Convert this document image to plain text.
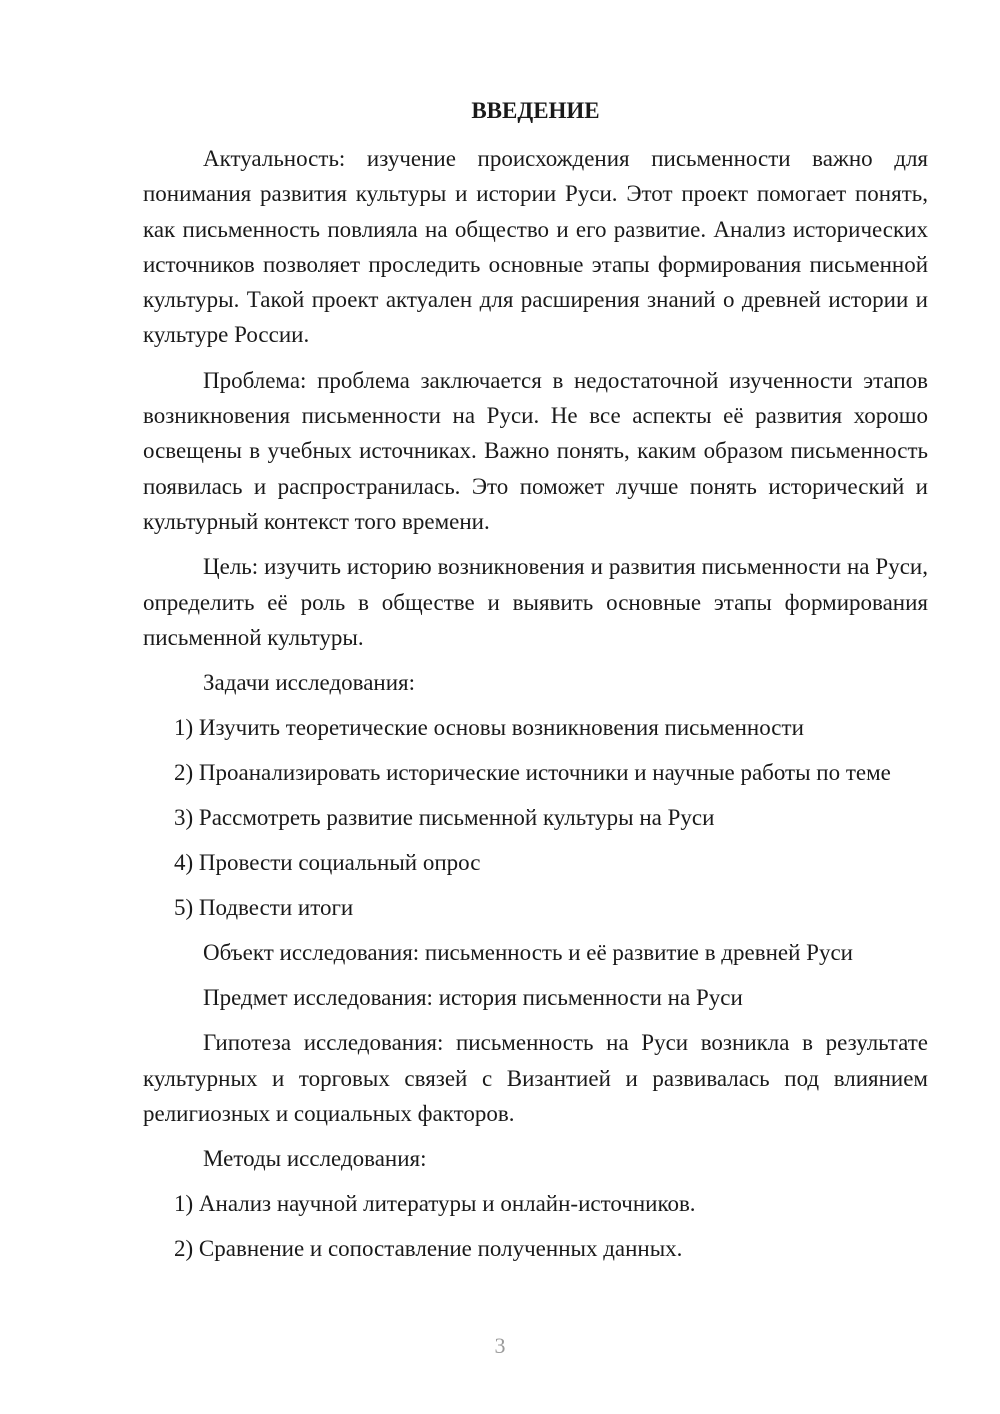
ВВЕДЕНИЕ

Актуальность: изучение происхождения письменности важно для понимания развития культуры и истории Руси. Этот проект помогает понять, как письменность повлияла на общество и его развитие. Анализ исторических источников позволяет проследить основные этапы формирования письменной культуры. Такой проект актуален для расширения знаний о древней истории и культуре России.

Проблема: проблема заключается в недостаточной изученности этапов возникновения письменности на Руси. Не все аспекты её развития хорошо освещены в учебных источниках. Важно понять, каким образом письменность появилась и распространилась. Это поможет лучше понять исторический и культурный контекст того времени.

Цель: изучить историю возникновения и развития письменности на Руси, определить её роль в обществе и выявить основные этапы формирования письменной культуры.

Задачи исследования:

1) Изучить теоретические основы возникновения письменности

2) Проанализировать исторические источники и научные работы по теме

3) Рассмотреть развитие письменной культуры на Руси

4) Провести социальный опрос

5) Подвести итоги

Объект исследования: письменность и её развитие в древней Руси

Предмет исследования: история письменности на Руси

Гипотеза исследования: письменность на Руси возникла в результате культурных и торговых связей с Византией и развивалась под влиянием религиозных и социальных факторов.

Методы исследования:

1) Анализ научной литературы и онлайн-источников.

2) Сравнение и сопоставление полученных данных.

3
